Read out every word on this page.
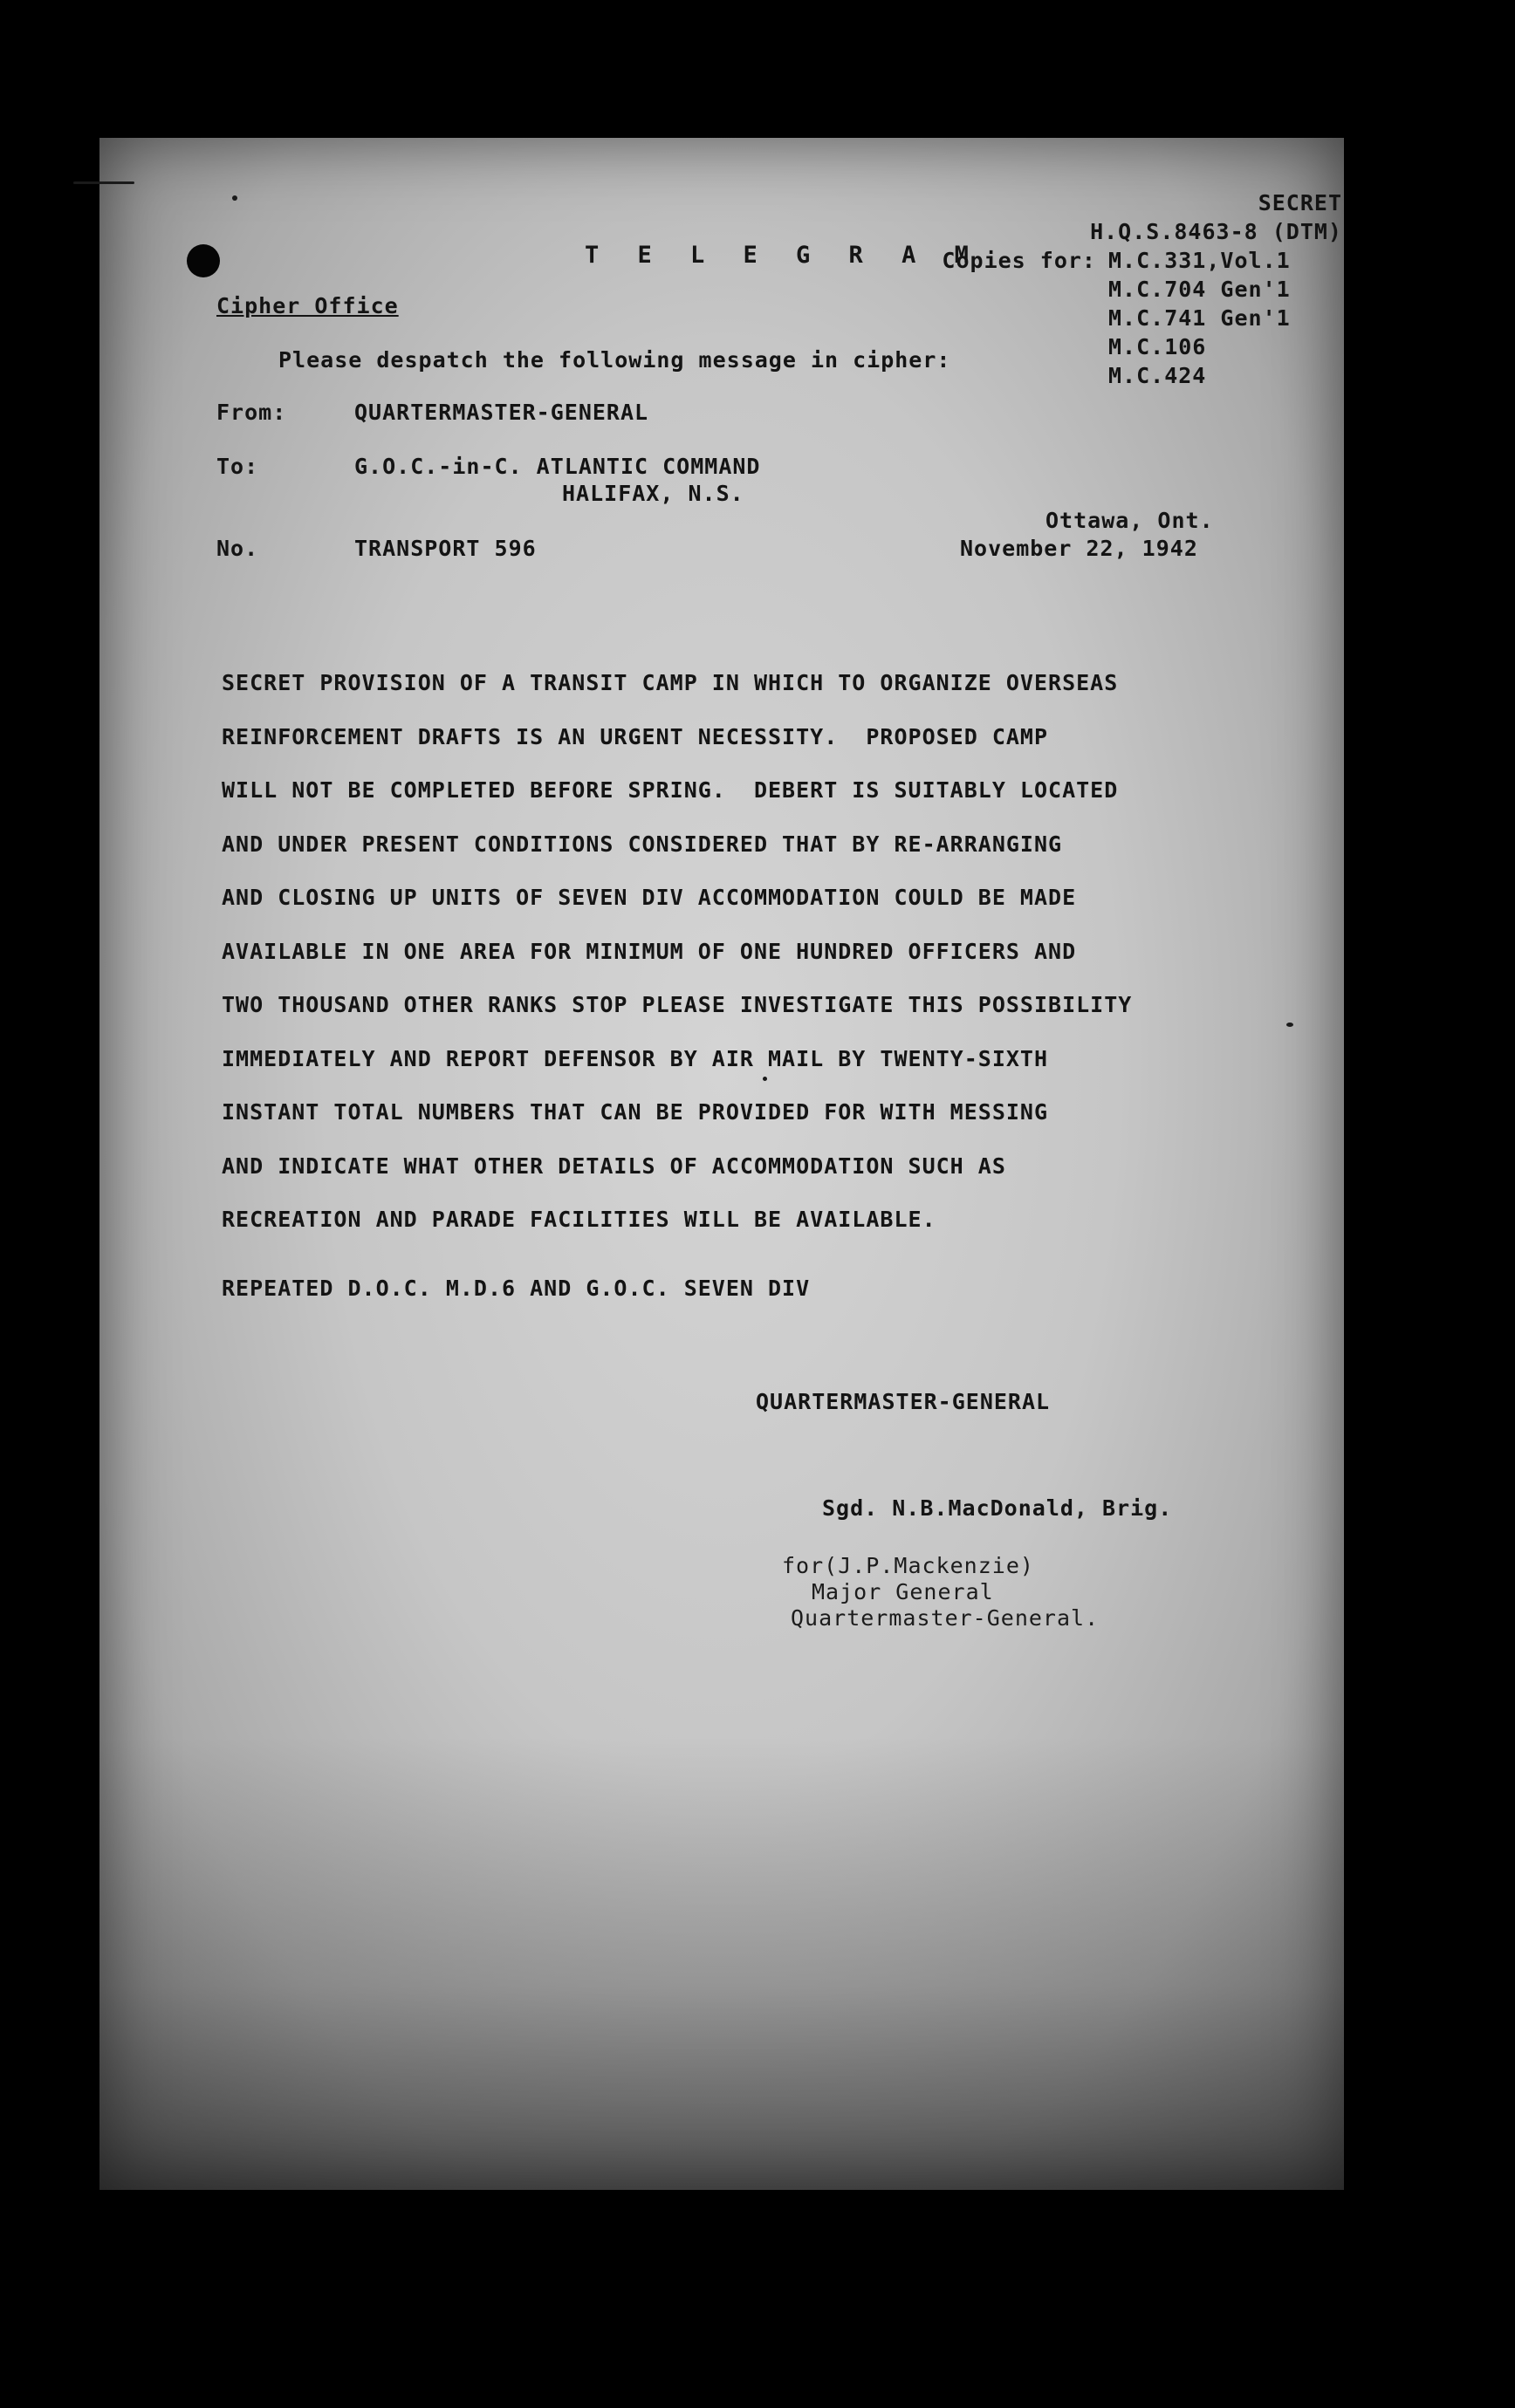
SECRET
H.Q.S.8463-8 (DTM)
Copies for: M.C.331,Vol.1
M.C.704 Gen'1
M.C.741 Gen'1
M.C.106
M.C.424
T E L E G R A M
Cipher Office
Please despatch the following message in cipher:
From:	QUARTERMASTER-GENERAL
To:	G.O.C.-in-C. ATLANTIC COMMAND
HALIFAX, N.S.
Ottawa, Ont.
No.	TRANSPORT 596	November 22, 1942
SECRET PROVISION OF A TRANSIT CAMP IN WHICH TO ORGANIZE OVERSEAS
REINFORCEMENT DRAFTS IS AN URGENT NECESSITY.  PROPOSED CAMP
WILL NOT BE COMPLETED BEFORE SPRING.  DEBERT IS SUITABLY LOCATED
AND UNDER PRESENT CONDITIONS CONSIDERED THAT BY RE-ARRANGING
AND CLOSING UP UNITS OF SEVEN DIV ACCOMMODATION COULD BE MADE
AVAILABLE IN ONE AREA FOR MINIMUM OF ONE HUNDRED OFFICERS AND
TWO THOUSAND OTHER RANKS STOP PLEASE INVESTIGATE THIS POSSIBILITY
IMMEDIATELY AND REPORT DEFENSOR BY AIR MAIL BY TWENTY-SIXTH
INSTANT TOTAL NUMBERS THAT CAN BE PROVIDED FOR WITH MESSING
AND INDICATE WHAT OTHER DETAILS OF ACCOMMODATION SUCH AS
RECREATION AND PARADE FACILITIES WILL BE AVAILABLE.
REPEATED D.O.C. M.D.6 AND G.O.C. SEVEN DIV
QUARTERMASTER-GENERAL
Sgd. N.B.MacDonald, Brig.
for(J.P.Mackenzie)
Major General
Quartermaster-General.
